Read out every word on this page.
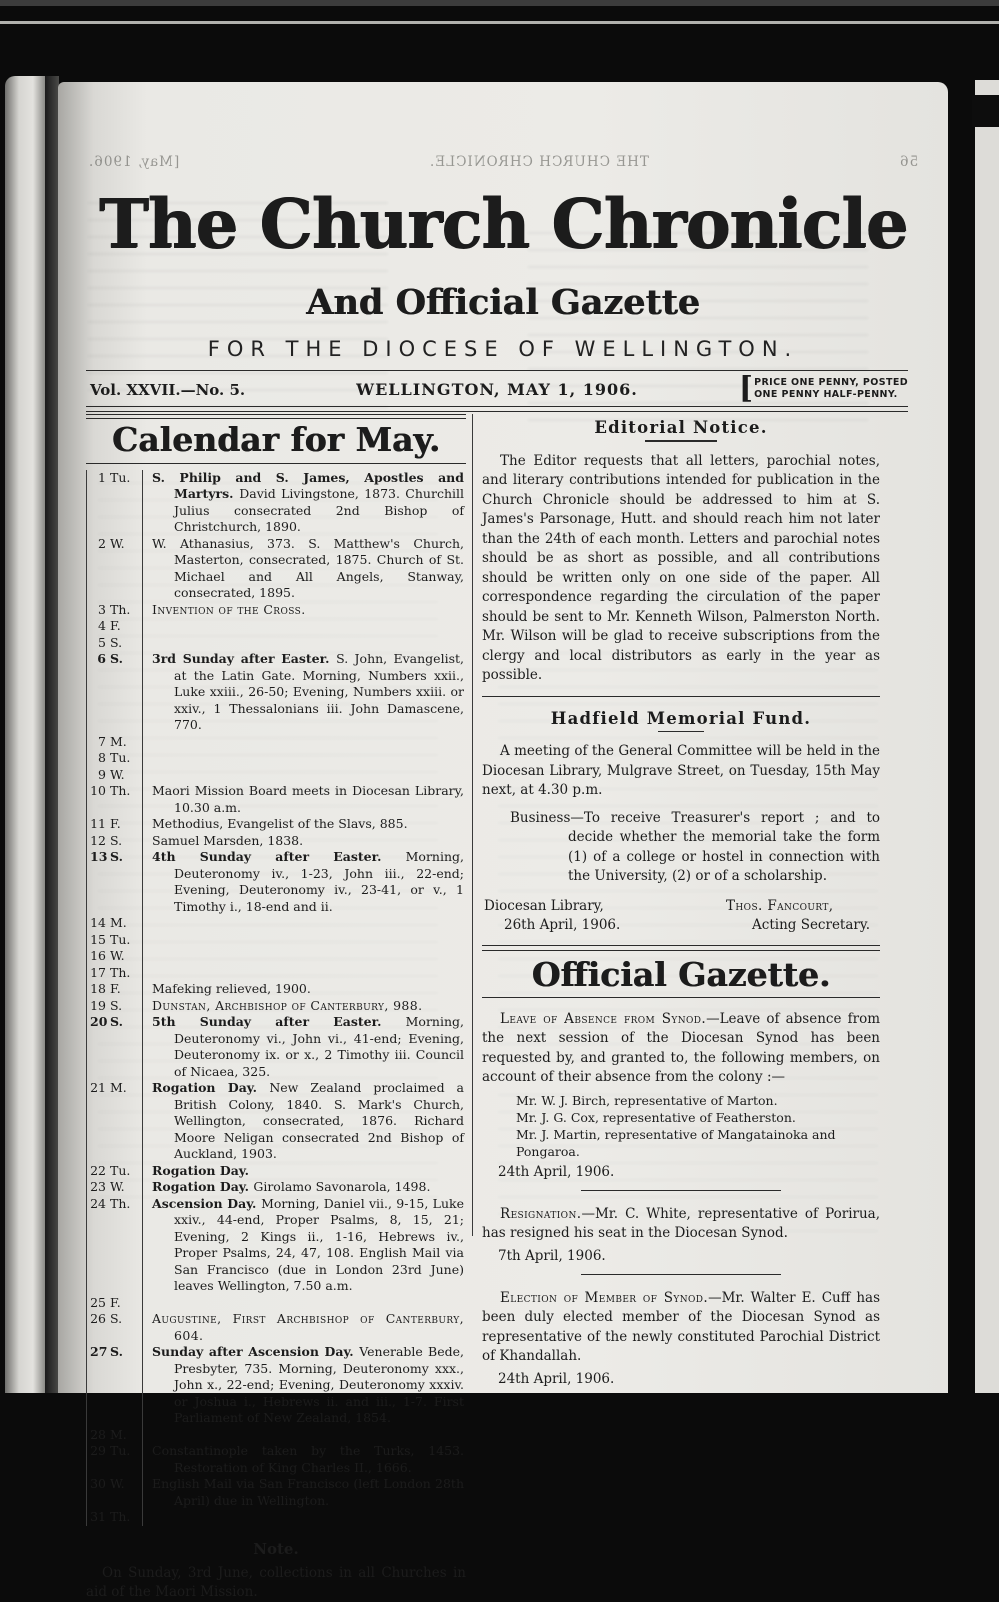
[May, 1906.	THE CHURCH CHRONICLE.	56
The Church Chronicle
And Official Gazette
FOR THE DIOCESE OF WELLINGTON.
Vol. XXVII.—No. 5.	WELLINGTON, MAY 1, 1906.	[ PRICE ONE PENNY, POSTED
ONE PENNY HALF-PENNY.
Calendar for May.
1 Tu. S. Philip and S. James, Apostles and Martyrs. David Livingstone, 1873. Churchill Julius consecrated 2nd Bishop of Christchurch, 1890.
2 W. W. Athanasius, 373. S. Matthew's Church, Masterton, consecrated, 1875. Church of St. Michael and All Angels, Stanway, consecrated, 1895.
3 Th. Invention of the Cross.
4 F.

5 S.

6 S. 3rd Sunday after Easter. S. John, Evangelist, at the Latin Gate. Morning, Numbers xxii., Luke xxiii., 26-50; Evening, Numbers xxiii. or xxiv., 1 Thessalonians iii. John Damascene, 770.
7 M.

8 Tu.

9 W.

10 Th. Maori Mission Board meets in Diocesan Library, 10.30 a.m.
11 F.	Methodius, Evangelist of the Slavs, 885.
12 S. Samuel Marsden, 1838.
13 S. 4th Sunday after Easter. Morning, Deuteronomy iv., 1-23, John iii., 22-end; Evening, Deuteronomy iv., 23-41, or v., 1 Timothy i., 18-end and ii.
14 M.

15 Tu.

16 W.

17 Th.

18 F.	Mafeking relieved, 1900.
19 S. Dunstan, Archbishop of Canterbury, 988.
20 S. 5th Sunday after Easter. Morning, Deuteronomy vi., John vi., 41-end; Evening, Deuteronomy ix. or x., 2 Timothy iii. Council of Nicaea, 325.
21 M. Rogation Day. New Zealand proclaimed a British Colony, 1840. S. Mark's Church, Wellington, consecrated, 1876. Richard Moore Neligan consecrated 2nd Bishop of Auckland, 1903.
22 Tu. Rogation Day.
23 W. Rogation Day. Girolamo Savonarola, 1498.
24 Th. Ascension Day. Morning, Daniel vii., 9-15, Luke xxiv., 44-end, Proper Psalms, 8, 15, 21; Evening, 2 Kings ii., 1-16, Hebrews iv., Proper Psalms, 24, 47, 108. English Mail via San Francisco (due in London 23rd June) leaves Wellington, 7.50 a.m.
25 F.

26 S. Augustine, First Archbishop of Canterbury, 604.
27 S. Sunday after Ascension Day. Venerable Bede, Presbyter, 735. Morning, Deuteronomy xxx., John x., 22-end; Evening, Deuteronomy xxxiv. or Joshua i., Hebrews ii. and iii., 1-7. First Parliament of New Zealand, 1854.
28 M.

29 Tu. Constantinople taken by the Turks, 1453. Restoration of King Charles II., 1666.
30 W. English Mail via San Francisco (left London 28th April) due in Wellington.
31 Th.

Note.
On Sunday, 3rd June, collections in all Churches in aid of the Maori Mission.
Editorial Notice.

The Editor requests that all letters, parochial notes, and literary contributions intended for publication in the Church Chronicle should be addressed to him at S. James's Parsonage, Hutt. and should reach him not later than the 24th of each month. Letters and parochial notes should be as short as possible, and all contributions should be written only on one side of the paper. All correspondence regarding the circulation of the paper should be sent to Mr. Kenneth Wilson, Palmerston North. Mr. Wilson will be glad to receive subscriptions from the clergy and local distributors as early in the year as possible.

Hadfield Memorial Fund.

A meeting of the General Committee will be held in the Diocesan Library, Mulgrave Street, on Tuesday, 15th May next, at 4.30 p.m.

Business—To receive Treasurer's report ; and to decide whether the memorial take the form (1) of a college or hostel in connection with the University, (2) or of a scholarship.
Diocesan Library,
26th April, 1906.
Thos. Fancourt,
Acting Secretary.
Official Gazette.

Leave of Absence from Synod.—Leave of absence from the next session of the Diocesan Synod has been requested by, and granted to, the following members, on account of their absence from the colony :—

Mr. W. J. Birch, representative of Marton.
Mr. J. G. Cox, representative of Featherston.
Mr. J. Martin, representative of Mangatainoka and Pongaroa.
24th April, 1906.

Resignation.—Mr. C. White, representative of Porirua, has resigned his seat in the Diocesan Synod.

7th April, 1906.

Election of Member of Synod.—Mr. Walter E. Cuff has been duly elected member of the Diocesan Synod as representative of the newly constituted Parochial District of Khandallah.

24th April, 1906.
